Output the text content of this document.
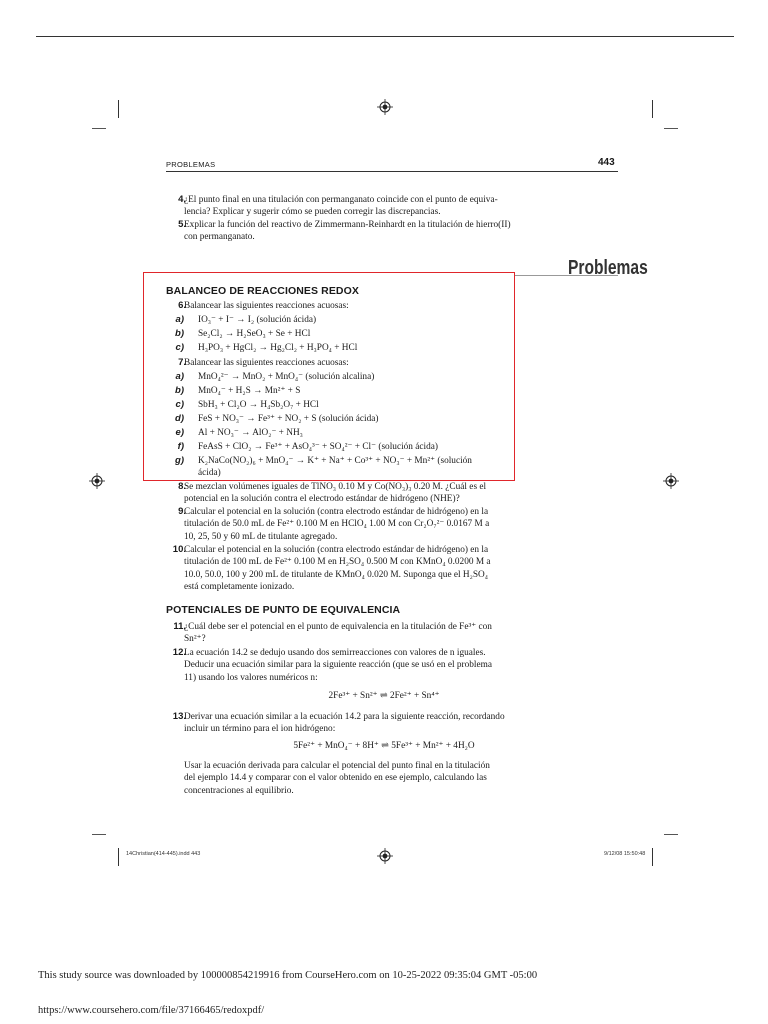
PROBLEMAS	443
4.
¿El punto final en una titulación con permanganato coincide con el punto de equiva-
lencia? Explicar y sugerir cómo se pueden corregir las discrepancias.
5.
Explicar la función del reactivo de Zimmermann-Reinhardt en la titulación de hierro(II)
con permanganato.
Problemas
BALANCEO DE REACCIONES REDOX
6.
Balancear las siguientes reacciones acuosas:
a) IO₃⁻ + I⁻ → I₂ (solución ácida)
b) Se₂Cl₂ → H₂SeO₃ + Se + HCl
c) H₃PO₃ + HgCl₂ → Hg₂Cl₂ + H₃PO₄ + HCl
7.
Balancear las siguientes reacciones acuosas:
a) MnO₄²⁻ → MnO₂ + MnO₄⁻ (solución alcalina)
b) MnO₄⁻ + H₂S → Mn²⁺ + S
c) SbH₃ + Cl₂O → H₄Sb₂O₇ + HCl
d) FeS + NO₃⁻ → Fe³⁺ + NO₂ + S (solución ácida)
e) Al + NO₃⁻ → AlO₂⁻ + NH₃
f) FeAsS + ClO₂ → Fe³⁺ + AsO₄³⁻ + SO₄²⁻ + Cl⁻ (solución ácida)
g) K₂NaCo(NO₂)₆ + MnO₄⁻ → K⁺ + Na⁺ + Co³⁺ + NO₃⁻ + Mn²⁺ (solución
ácida)
8.
Se mezclan volúmenes iguales de TlNO₃ 0.10 M y Co(NO₃)₃ 0.20 M. ¿Cuál es el
potencial en la solución contra el electrodo estándar de hidrógeno (NHE)?
9.
Calcular el potencial en la solución (contra electrodo estándar de hidrógeno) en la
titulación de 50.0 mL de Fe²⁺ 0.100 M en HClO₄ 1.00 M con Cr₂O₇²⁻ 0.0167 M a
10, 25, 50 y 60 mL de titulante agregado.
10.
Calcular el potencial en la solución (contra electrodo estándar de hidrógeno) en la
titulación de 100 mL de Fe²⁺ 0.100 M en H₂SO₄ 0.500 M con KMnO₄ 0.0200 M a
10.0, 50.0, 100 y 200 mL de titulante de KMnO₄ 0.020 M. Suponga que el H₂SO₄
está completamente ionizado.
POTENCIALES DE PUNTO DE EQUIVALENCIA
11.
¿Cuál debe ser el potencial en el punto de equivalencia en la titulación de Fe³⁺ con
Sn²⁺?
12.
La ecuación 14.2 se dedujo usando dos semirreacciones con valores de n iguales.
Deducir una ecuación similar para la siguiente reacción (que se usó en el problema
11) usando los valores numéricos n:
2Fe³⁺ + Sn²⁺ ⇌ 2Fe²⁺ + Sn⁴⁺
13.
Derivar una ecuación similar a la ecuación 14.2 para la siguiente reacción, recordando
incluir un término para el ion hidrógeno:
5Fe²⁺ + MnO₄⁻ + 8H⁺ ⇌ 5Fe³⁺ + Mn²⁺ + 4H₂O
Usar la ecuación derivada para calcular el potencial del punto final en la titulación
del ejemplo 14.4 y comparar con el valor obtenido en ese ejemplo, calculando las
concentraciones al equilibrio.
14Christian(414-445).indd 443	9/12/08 15:50:48
This study source was downloaded by 100000854219916 from CourseHero.com on 10-25-2022 09:35:04 GMT -05:00
https://www.coursehero.com/file/37166465/redoxpdf/
